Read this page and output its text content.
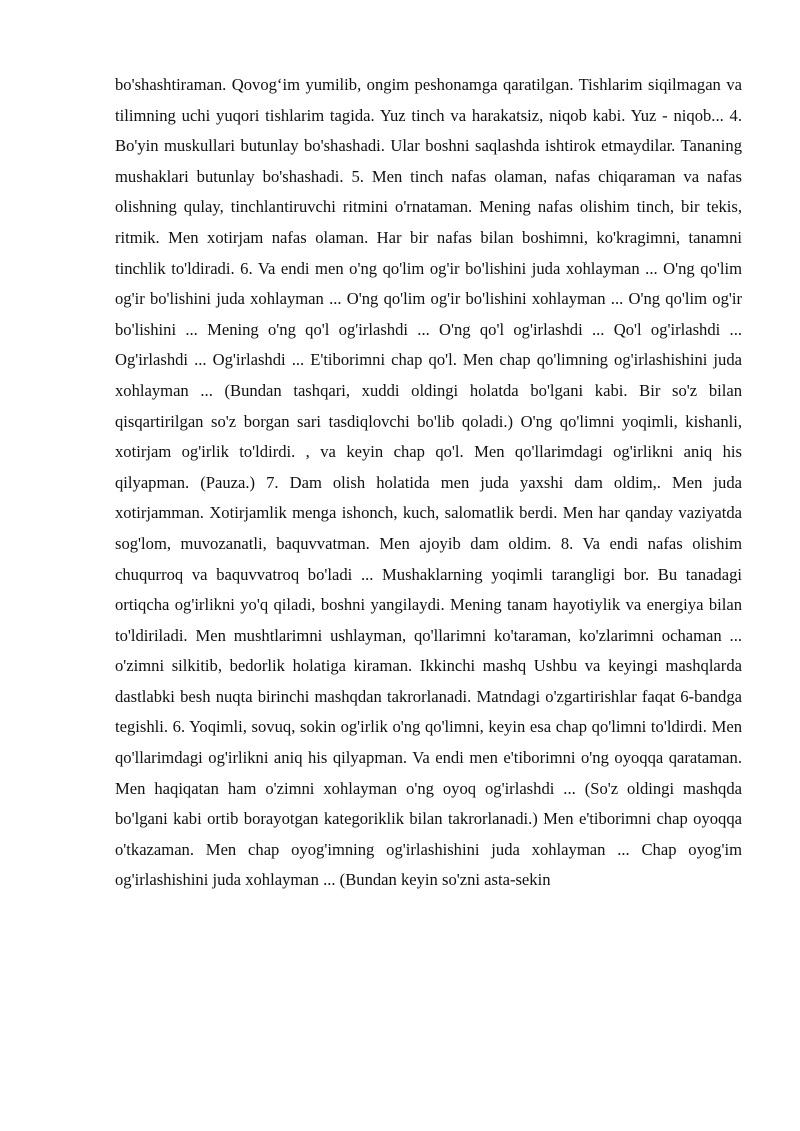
bo'shashtiraman. Qovog‘im yumilib, ongim peshonamga qaratilgan. Tishlarim siqilmagan va tilimning uchi yuqori tishlarim tagida. Yuz tinch va harakatsiz, niqob kabi. Yuz - niqob... 4. Bo'yin muskullari butunlay bo'shashadi. Ular boshni saqlashda ishtirok etmaydilar. Tananing mushaklari butunlay bo'shashadi. 5. Men tinch nafas olaman, nafas chiqaraman va nafas olishning qulay, tinchlantiruvchi ritmini o'rnataman. Mening nafas olishim tinch, bir tekis, ritmik. Men xotirjam nafas olaman. Har bir nafas bilan boshimni, ko'kragimni, tanamni tinchlik to'ldiradi. 6. Va endi men o'ng qo'lim og'ir bo'lishini juda xohlayman ... O'ng qo'lim og'ir bo'lishini juda xohlayman ... O'ng qo'lim og'ir bo'lishini xohlayman ... O'ng qo'lim og'ir bo'lishini ... Mening o'ng qo'l og'irlashdi ... O'ng qo'l og'irlashdi ... Qo'l og'irlashdi ... Og'irlashdi ... Og'irlashdi ... E'tiborimni chap qo'l. Men chap qo'limning og'irlashishini juda xohlayman ... (Bundan tashqari, xuddi oldingi holatda bo'lgani kabi. Bir so'z bilan qisqartirilgan so'z borgan sari tasdiqlovchi bo'lib qoladi.) O'ng qo'limni yoqimli, kishanli, xotirjam og'irlik to'ldirdi. , va keyin chap qo'l. Men qo'llarimdagi og'irlikni aniq his qilyapman. (Pauza.) 7. Dam olish holatida men juda yaxshi dam oldim,. Men juda xotirjamman. Xotirjamlik menga ishonch, kuch, salomatlik berdi. Men har qanday vaziyatda sog'lom, muvozanatli, baquvvatman. Men ajoyib dam oldim. 8. Va endi nafas olishim chuqurroq va baquvvatroq bo'ladi ... Mushaklarning yoqimli tarangligi bor. Bu tanadagi ortiqcha og'irlikni yo'q qiladi, boshni yangilaydi. Mening tanam hayotiylik va energiya bilan to'ldiriladi. Men mushtlarimni ushlayman, qo'llarimni ko'taraman, ko'zlarimni ochaman ... o'zimni silkitib, bedorlik holatiga kiraman. Ikkinchi mashq Ushbu va keyingi mashqlarda dastlabki besh nuqta birinchi mashqdan takrorlanadi. Matndagi o'zgartirishlar faqat 6-bandga tegishli. 6. Yoqimli, sovuq, sokin og'irlik o'ng qo'limni, keyin esa chap qo'limni to'ldirdi. Men qo'llarimdagi og'irlikni aniq his qilyapman. Va endi men e'tiborimni o'ng oyoqqa qarataman. Men haqiqatan ham o'zimni xohlayman o'ng oyoq og'irlashdi ... (So'z oldingi mashqda bo'lgani kabi ortib borayotgan kategoriklik bilan takrorlanadi.) Men e'tiborimni chap oyoqqa o'tkazaman. Men chap oyog'imning og'irlashishini juda xohlayman ... Chap oyog'im og'irlashishini juda xohlayman ... (Bundan keyin so'zni asta-sekin
